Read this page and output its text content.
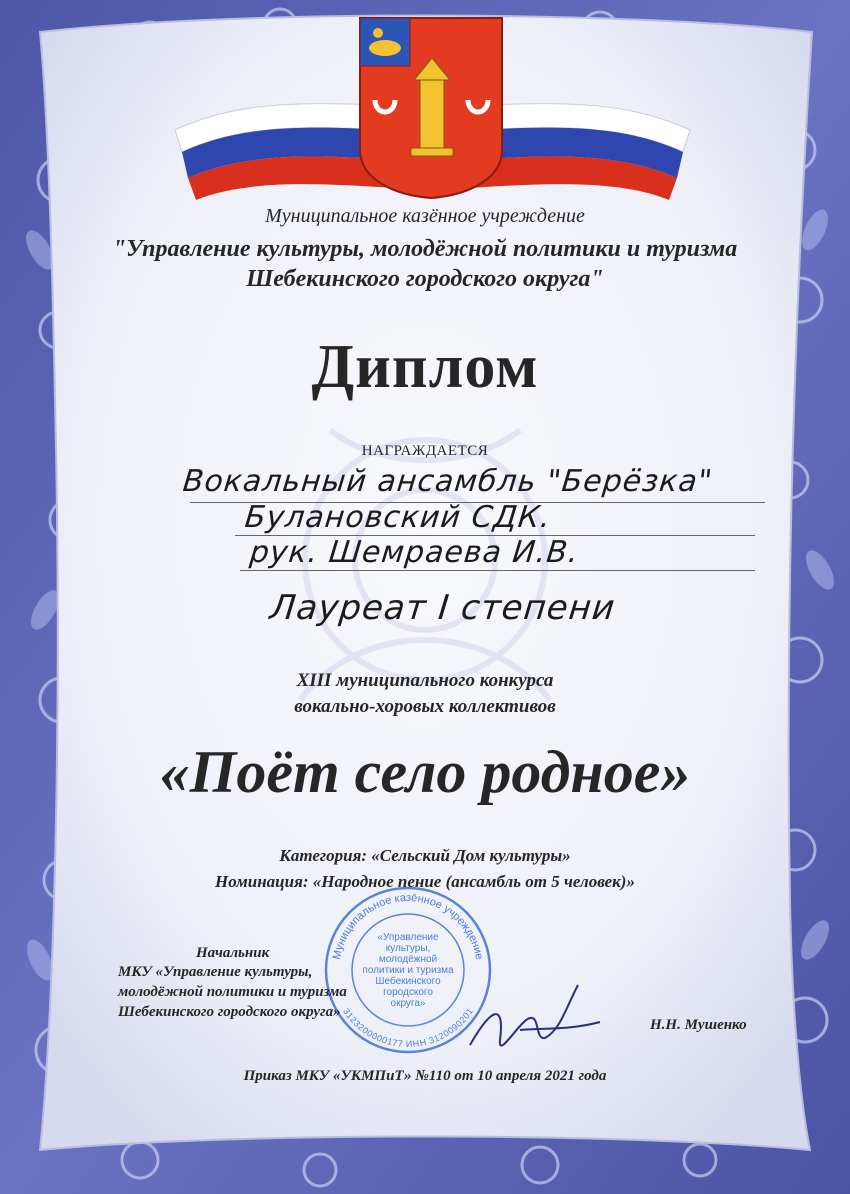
Муниципальное казённое учреждение
3123200000177 ИНН 3120090201
«Управление
культуры,
молодёжной
политики и туризма
Шебекинского
городского
округа»
Муниципальное казённое учреждение
"Управление культуры, молодёжной политики и туризма
Шебекинского городского округа"
Диплом
НАГРАЖДАЕТСЯ
Вокальный ансамбль "Берёзка"
Булановский СДК.
рук. Шемраева И.В.
Лауреат I степени
XIII муниципального конкурса
вокально-хоровых коллективов
«Поёт село родное»
Категория: «Сельский Дом культуры»
Номинация: «Народное пение (ансамбль от 5 человек)»
Начальник
МКУ «Управление культуры,
молодёжной политики и туризма
Шебекинского городского округа»
Н.Н. Мушенко
Приказ МКУ «УКМПиТ» №110 от 10 апреля 2021 года
